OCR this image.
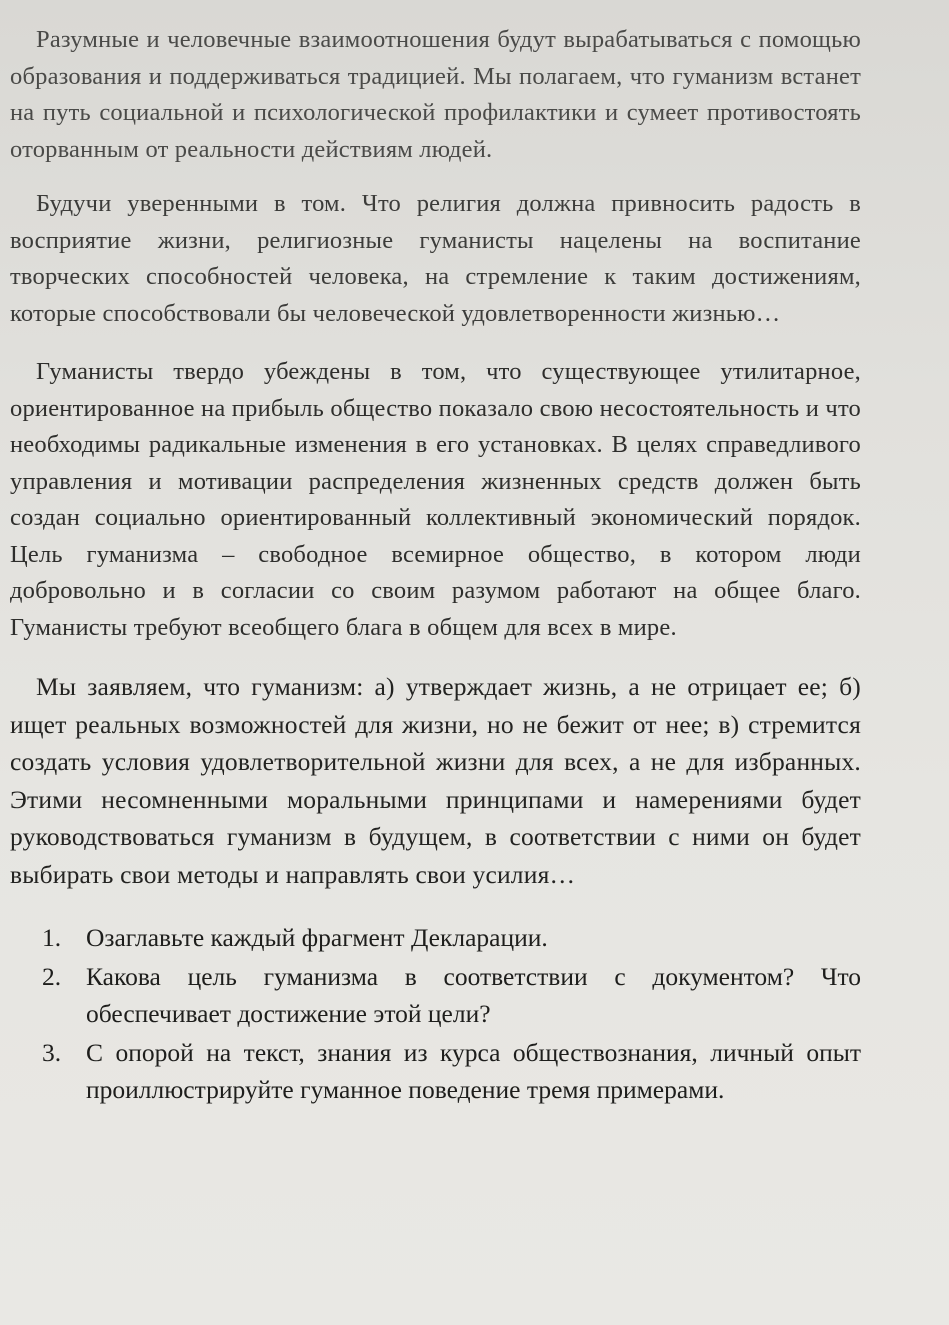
Разумные и человечные взаимоотношения будут вырабатываться с помощью образования и поддерживаться традицией. Мы полагаем, что гуманизм встанет на путь социальной и психологической профилактики и сумеет противостоять оторванным от реальности действиям людей.

Будучи уверенными в том. Что религия должна привносить радость в восприятие жизни, религиозные гуманисты нацелены на воспитание творческих способностей человека, на стремление к таким достижениям, которые способствовали бы человеческой удовлетворенности жизнью…

Гуманисты твердо убеждены в том, что существующее утилитарное, ориентированное на прибыль общество показало свою несостоятельность и что необходимы радикальные изменения в его установках. В целях справедливого управления и мотивации распределения жизненных средств должен быть создан социально ориентированный коллективный экономический порядок. Цель гуманизма – свободное всемирное общество, в котором люди добровольно и в согласии со своим разумом работают на общее благо. Гуманисты требуют всеобщего блага в общем для всех в мире.

Мы заявляем, что гуманизм: а) утверждает жизнь, а не отрицает ее; б) ищет реальных возможностей для жизни, но не бежит от нее; в) стремится создать условия удовлетворительной жизни для всех, а не для избранных. Этими несомненными моральными принципами и намерениями будет руководствоваться гуманизм в будущем, в соответствии с ними он будет выбирать свои методы и направлять свои усилия…

1. Озаглавьте каждый фрагмент Декларации.
2. Какова цель гуманизма в соответствии с документом? Что обеспечивает достижение этой цели?
3. С опорой на текст, знания из курса обществознания, личный опыт проиллюстрируйте гуманное поведение тремя примерами.
